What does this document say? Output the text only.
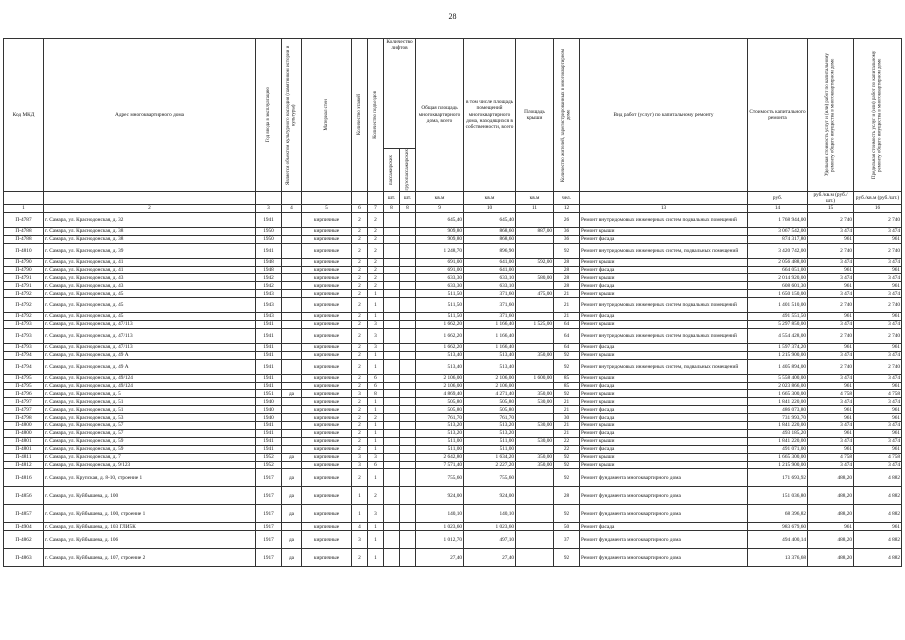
28
Код МКД	Адрес многоквартирного дома	Год ввода в эксплуатацию	Является объектом культурного наследия (памятником истории и культуры)	Материал стен	Количество этажей	Количество подъездов	Количество лифтов		Общая площадь многоквартирного дома, всего	в том числе площадь помещений многоквартирного дома, находящихся в собственности, всего	Площадь крыши	Количество жителей, зарегистрированных в многоквартирном доме	Вид работ (услуг) по капитальному ремонту	Стоимость капитального ремонта	Удельная стоимость услуг и (или) работ по капитальному ремонту общего имущества в многоквартирном доме	Предельная стоимость услуг и (или) работ по капитальному ремонту общего имущества в многоквартирном доме

							пассажирских	грузопассажирских								

							шт.	шт.	кв.м	кв.м	кв.м	чел.		руб.	руб./кв.м (руб./шт.)	руб./кв.м (руб./шт.)
1	2	3	4	5	6	7	8	8	9	10	11	12	13	14	15	16
П-4787	г. Самара, ул. Краснодонская, д. 32	1941		кирпичные	2	2			645,40	645,40		26	Ремонт внутридомовых инженерных систем подвальных помещений	1 768 944,00	2 740	2 740
П-4788	г. Самара, ул. Краснодонская, д. 38	1950		кирпичные	2	2			909,80	868,60	887,00	36	Ремонт крыши	3 067 542,00	3 474	3 474
П-4788	г. Самара, ул. Краснодонская, д. 38	1950		кирпичные	2	2			909,80	868,60		36	Ремонт фасада	874 317,80	961	961
П-4810	г. Самара, ул. Краснодонская, д. 39	1941		кирпичные	2	2			1 248,70	896,90		92	Ремонт внутридомовых инженерных систем, подвальных помещений	3 420 742,00	2 740	2 740
П-4790	г. Самара, ул. Краснодонская, д. 41	1948		кирпичные	2	2			691,00	641,00	592,00	28	Ремонт крыши	2 056 488,00	3 474	3 474
П-4790	г. Самара, ул. Краснодонская, д. 41	1948		кирпичные	2	2			691,00	641,00		28	Ремонт фасада	664 051,00	961	961
П-4791	г. Самара, ул. Краснодонская, д. 43	1942		кирпичные	2	2			633,30	633,10	580,00	28	Ремонт крыши	2 014 920,00	3 474	3 474
П-4791	г. Самара, ул. Краснодонская, д. 43	1942		кирпичные	2	2			633,30	633,10		28	Ремонт фасада	608 601,30	961	961
П-4792	г. Самара, ул. Краснодонская, д. 45	1943		кирпичные	2	1			511,50	371,60	475,00	21	Ремонт крыши	1 650 150,00	3 474	3 474
П-4792	г. Самара, ул. Краснодонская, д. 45	1943		кирпичные	2	1			511,50	371,60		21	Ремонт внутридомовых инженерных систем подвальных помещений	1 401 510,00	2 740	2 740
П-4792	г. Самара, ул. Краснодонская, д. 45	1943		кирпичные	2	1			511,50	371,60		21	Ремонт фасада	491 551,50	961	961
П-4793	г. Самара, ул. Краснодонская, д. 47/113	1941		кирпичные	2	3			1 662,20	1 166,40	1 525,00	64	Ремонт крыши	5 297 850,00	3 474	3 474
П-4793	г. Самара, ул. Краснодонская, д. 47/113	1941		кирпичные	2	3			1 662,20	1 166,40		64	Ремонт внутридомовых инженерных систем подвальных помещений	4 554 428,00	2 740	2 740
П-4793	г. Самара, ул. Краснодонская, д. 47/113	1941		кирпичные	2	3			1 662,20	1 166,40		64	Ремонт фасада	1 597 374,20	961	961
П-4794	г. Самара, ул. Краснодонская, д. 49 А	1941		кирпичные	2	1			513,40	513,40	350,00	92	Ремонт крыши	1 215 900,00	3 474	3 474
П-4794	г. Самара, ул. Краснодонская, д. 49 А	1941		кирпичные	2	1			513,40	513,40		92	Ремонт внутридомовых инженерных систем, подвальных помещений	1 405 894,00	2 740	2 740
П-4795	г. Самара, ул. Краснодонская, д. 49/124	1941		кирпичные	2	6			2 106,00	2 106,00	1 600,00	85	Ремонт крыши	5 558 400,00	3 474	3 474
П-4795	г. Самара, ул. Краснодонская, д. 49/124	1941		кирпичные	2	6			2 106,00	2 106,00		85	Ремонт фасада	2 023 866,00	961	961
П-4796	г. Самара, ул. Краснодонская, д. 5	1951	да	кирпичные	3	8			4 869,40	4 271,40	350,00	92	Ремонт крыши	1 665 300,00	4 758	4 758
П-4797	г. Самара, ул. Краснодонская, д. 51	1940		кирпичные	2	1			505,80	505,80	530,00	21	Ремонт крыши	1 841 220,00	3 474	3 474
П-4797	г. Самара, ул. Краснодонская, д. 51	1940		кирпичные	2	1			505,80	505,80		21	Ремонт фасада	486 073,80	961	961
П-4798	г. Самара, ул. Краснодонская, д. 53	1940		кирпичные	2	2			761,70	761,70		30	Ремонт фасада	731 993,70	961	961
П-4800	г. Самара, ул. Краснодонская, д. 57	1941		кирпичные	2	1			513,20	513,20	530,00	21	Ремонт крыши	1 841 220,00	3 474	3 474
П-4800	г. Самара, ул. Краснодонская, д. 57	1941		кирпичные	2	1			513,20	513,20		21	Ремонт фасада	493 185,20	961	961
П-4801	г. Самара, ул. Краснодонская, д. 59	1941		кирпичные	2	1			511,00	511,00	530,00	22	Ремонт крыши	1 841 220,00	3 474	3 474
П-4801	г. Самара, ул. Краснодонская, д. 59	1941		кирпичные	2	1			511,00	511,00		22	Ремонт фасада	491 071,00	961	961
П-4811	г. Самара, ул. Краснодонская, д. 7	1952	да	кирпичные	3	3			2 642,80	1 634,20	350,00	92	Ремонт крыши	1 665 300,00	4 758	4 758
П-4812	г. Самара, ул. Краснодонская, д. 9/123	1952		кирпичные	3	6			7 571,40	2 227,20	350,00	92	Ремонт крыши	1 215 900,00	3 474	3 474
П-4816	г. Самара, ул. Крупская, д. 8-10, строение 1	1917	да	кирпичные	2	1			755,60	755,60		92	Ремонт фундамента многоквартирного дома	171 693,92	488,20	4 882
П-4856	г. Самара, ул. Куйбышева, д. 100	1917	да	кирпичные	1	2			924,00	924,00		28	Ремонт фундамента многоквартирного дома	151 036,80	488,20	4 882
П-4857	г. Самара, ул. Куйбышева, д. 100, строение 1	1917	да	кирпичные	1	3			140,10	140,10		92	Ремонт фундамента многоквартирного дома	68 396,82	488,20	4 882
П-4904	г. Самара, ул. Куйбышева, д. 103 ГЛИ5К	1917		кирпичные	4	1			1 023,60	1 023,60		50	Ремонт фасада	983 679,60	961	961
П-4862	г. Самара, ул. Куйбышева, д. 106	1917	да	кирпичные	3	1			1 012,70	497,10		37	Ремонт фундамента многоквартирного дома	494 400,14	488,20	4 882
П-4863	г. Самара, ул. Куйбышева, д. 107, строение 2	1917	да	кирпичные	2	1			27,40	27,40		92	Ремонт фундамента многоквартирного дома	13 376,68	488,20	4 882
